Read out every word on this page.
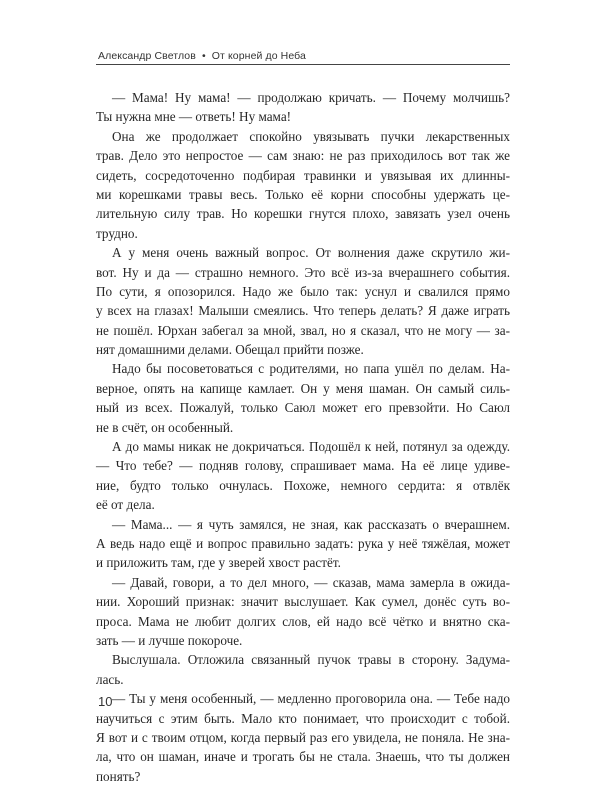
Александр Светлов • От корней до Неба
— Мама! Ну мама! — продолжаю кричать. — Почему молчишь?
Ты нужна мне — ответь! Ну мама!
Она же продолжает спокойно увязывать пучки лекарственных
трав. Дело это непростое — сам знаю: не раз приходилось вот так же
сидеть, сосредоточенно подбирая травинки и увязывая их длинны-
ми корешками травы весь. Только её корни способны удержать це-
лительную силу трав. Но корешки гнутся плохо, завязать узел очень
трудно.
А у меня очень важный вопрос. От волнения даже скрутило жи-
вот. Ну и да — страшно немного. Это всё из-за вчерашнего события.
По сути, я опозорился. Надо же было так: уснул и свалился прямо
у всех на глазах! Малыши смеялись. Что теперь делать? Я даже играть
не пошёл. Юрхан забегал за мной, звал, но я сказал, что не могу — за-
нят домашними делами. Обещал прийти позже.
Надо бы посоветоваться с родителями, но папа ушёл по делам. На-
верное, опять на капище камлает. Он у меня шаман. Он самый силь-
ный из всех. Пожалуй, только Саюл может его превзойти. Но Саюл
не в счёт, он особенный.
А до мамы никак не докричаться. Подошёл к ней, потянул за одежду.
— Что тебе? — подняв голову, спрашивает мама. На её лице удиве-
ние, будто только очнулась. Похоже, немного сердита: я отвлёк
её от дела.
— Мама... — я чуть замялся, не зная, как рассказать о вчерашнем.
А ведь надо ещё и вопрос правильно задать: рука у неё тяжёлая, может
и приложить там, где у зверей хвост растёт.
— Давай, говори, а то дел много, — сказав, мама замерла в ожида-
нии. Хороший признак: значит выслушает. Как сумел, донёс суть во-
проса. Мама не любит долгих слов, ей надо всё чётко и внятно ска-
зать — и лучше покороче.
Выслушала. Отложила связанный пучок травы в сторону. Задума-
лась.
— Ты у меня особенный, — медленно проговорила она. — Тебе надо
научиться с этим быть. Мало кто понимает, что происходит с тобой.
Я вот и с твоим отцом, когда первый раз его увидела, не поняла. Не зна-
ла, что он шаман, иначе и трогать бы не стала. Знаешь, что ты должен
понять?
10
